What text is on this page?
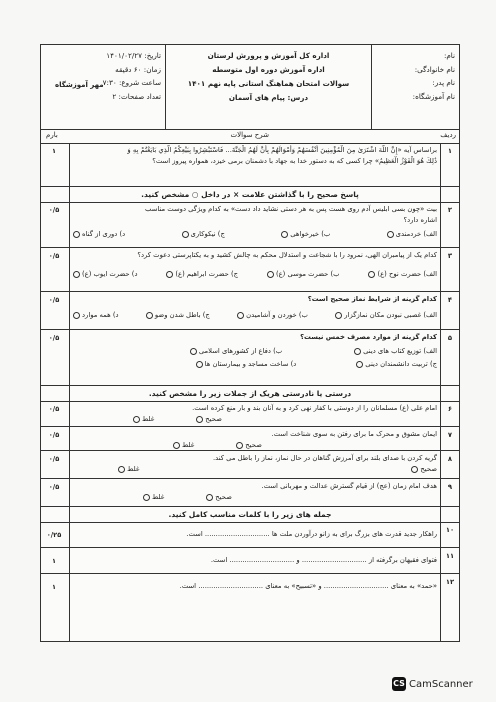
نام:
نام خانوادگی:
نام پدر:
نام آموزشگاه:
اداره کل آموزش و پرورش لرستان
اداره آموزش دوره اول متوسطه
سوالات امتحان هماهنگ استانی پایه نهم ۱۴۰۱
درس: پیام های آسمان
تاریخ: ۱۴۰۱/۰۲/۲۷
زمان: ۶۰ دقیقه
ساعت شروع: ۷:۳۰
تعداد صفحات: ۲
مهر آموزشگاه
ردیف
شرح سوالات
بارم
۱
براساس آیه «إِنَّ اللَّهَ اشْتَرَىٰ مِنَ الْمُؤْمِنِينَ أَنْفُسَهُمْ وَأَمْوَالَهُمْ بِأَنَّ لَهُمُ الْجَنَّةَ... فَاسْتَبْشِرُوا بِبَيْعِكُمُ الَّذِي بَايَعْتُمْ بِهِ وَ
ذَٰلِكَ هُوَ الْفَوْزُ الْعَظِيمُ» چرا کسی که به دستور خدا به جهاد با دشمنان برمی خیزد، همواره پیروز است؟
۱
پاسخ صحیح را با گذاشتن علامت × در داخل ○ مشخص کنید.
۲
بیت «چون بسی ابلیس آدم روی هست پس به هر دستی نشاید داد دست» به کدام ویژگی دوست مناسب
اشاره دارد؟
الف) خردمندی
ب) خیرخواهی
ج) نیکوکاری
د) دوری از گناه
۰/۵
۳
کدام یک از پیامبران الهی، نمرود را با شجاعت و استدلال محکم به چالش کشید و به یکتاپرستی دعوت کرد؟
الف) حضرت نوح (ع)
ب) حضرت موسی (ع)
ج) حضرت ابراهیم (ع)
د) حضرت ایوب (ع)
۰/۵
۴
کدام گزینه از شرایط نماز صحیح است؟
الف) غصبی نبودن مکان نمازگزار
ب) خوردن و آشامیدن
ج) باطل شدن وضو
د) همه موارد
۰/۵
۵
کدام گزینه از موارد مصرف خمس نیست؟
الف) توزیع کتاب های دینی
ب) دفاع از کشورهای اسلامی
ج) تربیت دانشمندان دینی
د) ساخت مساجد و بیمارستان ها
۰/۵
درستی یا نادرستی هریک از جملات زیر را مشخص کنید.
۶
امام علی (ع) مسلمانان را از دوستی با کفار نهی کرد و به آنان بند و بار منع کرده است.
صحیح
غلط
۰/۵
۷
ایمان مشوق و محرک ما برای رفتن به سوی شناخت است.
صحیح
غلط
۰/۵
۸
گریه کردن با صدای بلند برای آمرزش گناهان در حال نماز، نماز را باطل می کند.
صحیح
غلط
۰/۵
۹
هدف امام زمان (عج) از قیام گسترش عدالت و مهربانی است.
صحیح
غلط
۰/۵
جمله های زیر را با کلمات مناسب کامل کنید.
۱۰
راهکار جدید قدرت های بزرگ برای به زانو درآوردن ملت ها .............................. است.
۰/۲۵
۱۱
فتوای فقیهان برگرفته از .............................. و .............................. است.
۱
۱۲
«حمد» به معنای .............................. و «تسبیح» به معنای .............................. است.
۱
CS CamScanner
